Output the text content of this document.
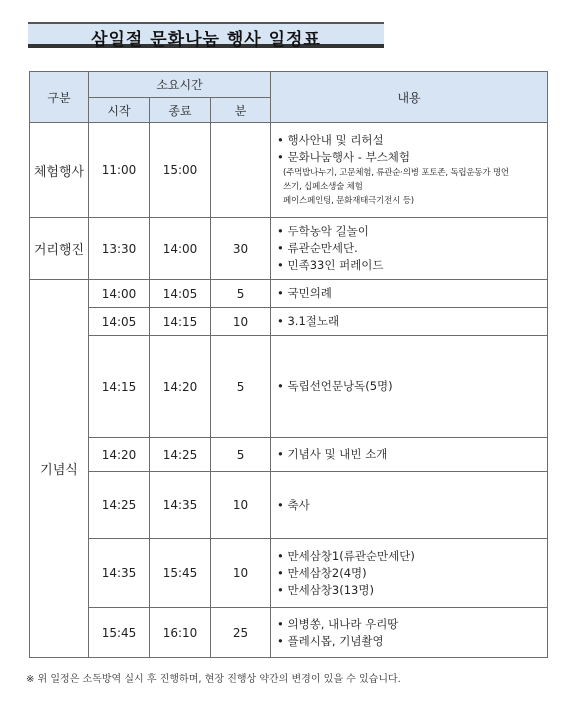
삼일절 문화나눔 행사 일정표
구분	소요시간			내용
	시작	종료	분	
체험행사	11:00	15:00		• 행사안내 및 리허설
• 문화나눔행사 - 부스체험
(주먹밥나누기, 고문체험, 류관순·의병 포토존, 독립운동가 명언
쓰기, 십페소생술 체험
페이스페인팅, 문화재태극기전시 등)

거리행진	13:30	14:00	30	• 두학농악 길놀이
• 류관순만세단.
• 민족33인 퍼레이드

기념식	14:00	14:05	5	• 국민의례

	14:05	14:15	10	• 3.1절노래

	14:15	14:20	5	• 독립선언문낭독(5명)

	14:20	14:25	5	• 기념사 및 내빈 소개

	14:25	14:35	10	• 축사

	14:35	15:45	10	• 만세삼창1(류관순만세단)
• 만세삼창2(4명)
• 만세삼창3(13명)

	15:45	16:10	25	• 의병쏭, 내나라 우리땅
• 플레시몹, 기념촬영
※ 위 일정은 소독방역 실시 후 진행하며, 현장 진행상 약간의 변경이 있을 수 있습니다.
